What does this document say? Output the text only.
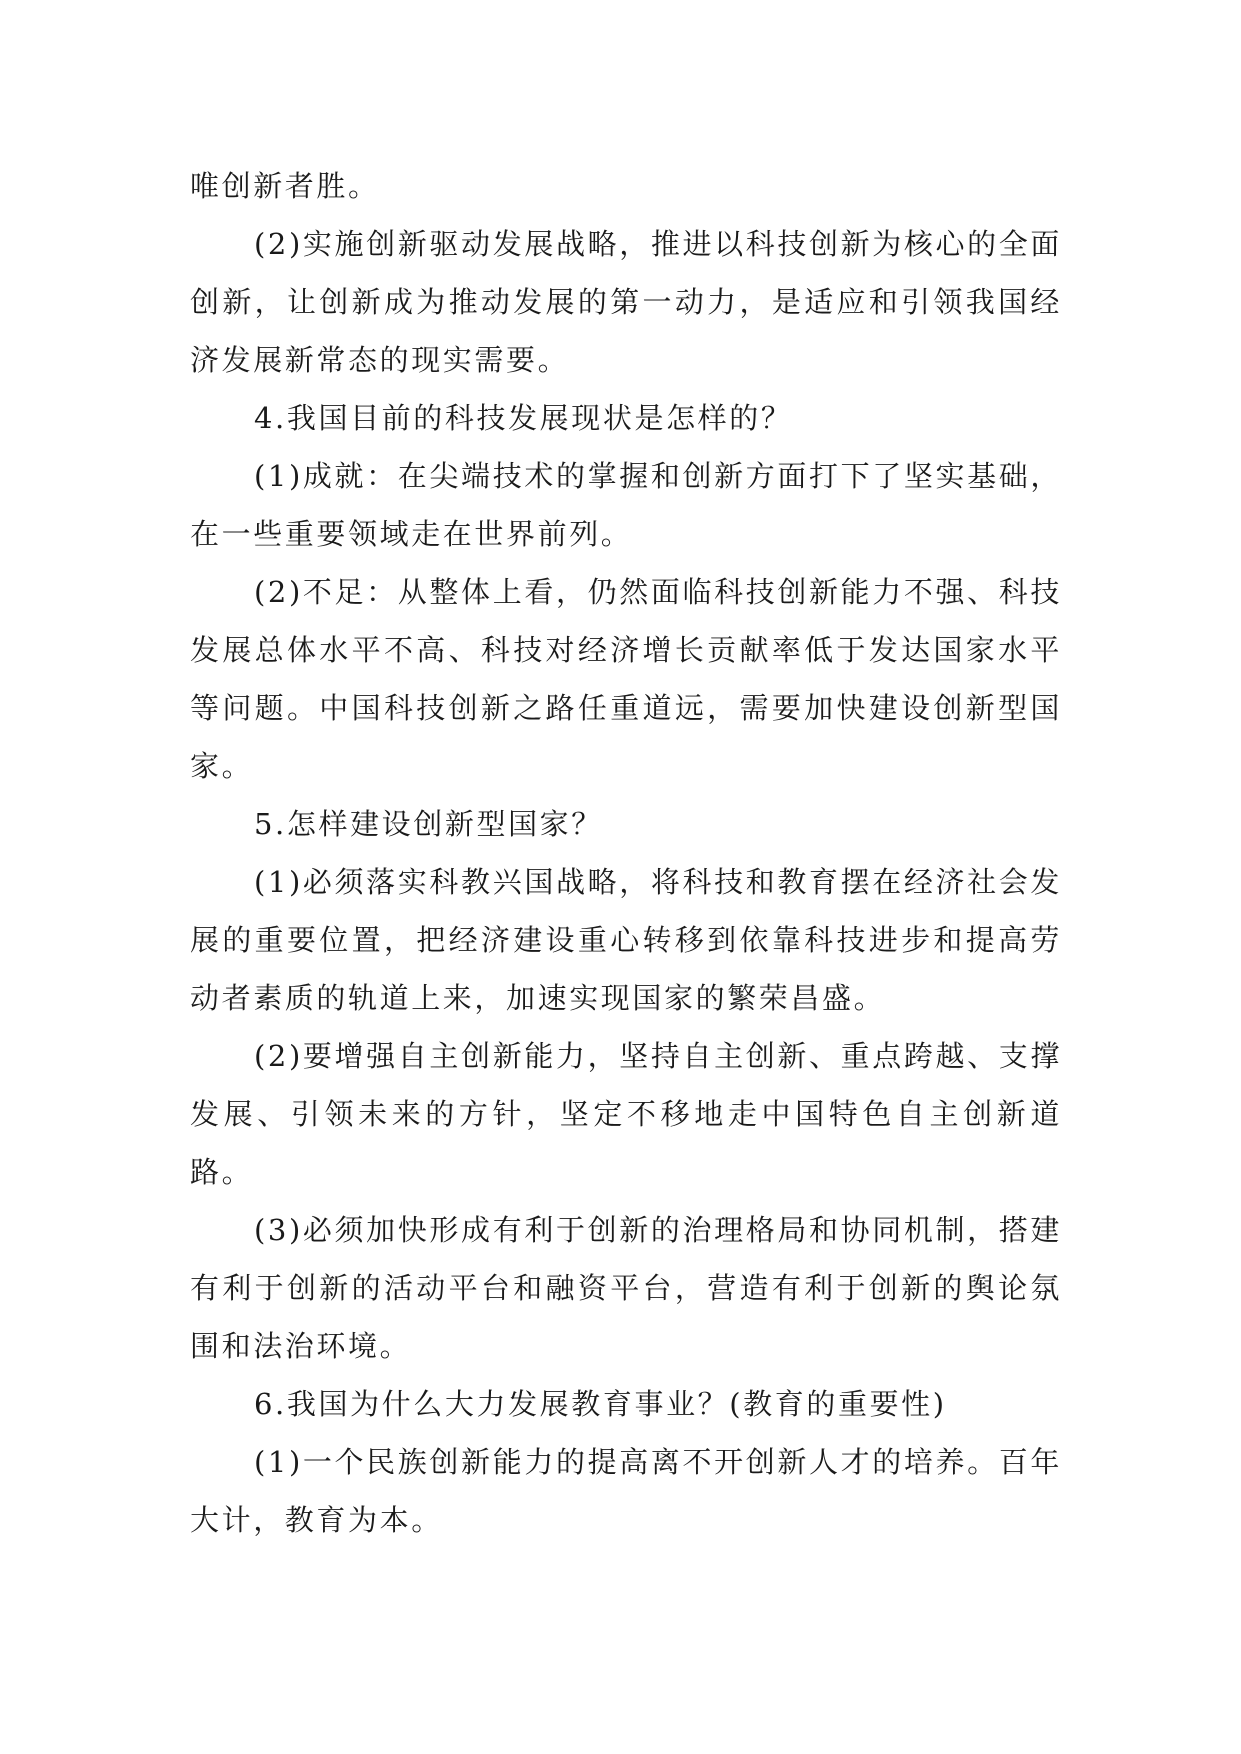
唯创新者胜。

(2)实施创新驱动发展战略，推进以科技创新为核心的全面创新，让创新成为推动发展的第一动力，是适应和引领我国经济发展新常态的现实需要。

4.我国目前的科技发展现状是怎样的？

(1)成就：在尖端技术的掌握和创新方面打下了坚实基础，在一些重要领域走在世界前列。

(2)不足：从整体上看，仍然面临科技创新能力不强、科技发展总体水平不高、科技对经济增长贡献率低于发达国家水平等问题。中国科技创新之路任重道远，需要加快建设创新型国家。

5.怎样建设创新型国家？

(1)必须落实科教兴国战略，将科技和教育摆在经济社会发展的重要位置，把经济建设重心转移到依靠科技进步和提高劳动者素质的轨道上来，加速实现国家的繁荣昌盛。

(2)要增强自主创新能力，坚持自主创新、重点跨越、支撑发展、引领未来的方针，坚定不移地走中国特色自主创新道路。

(3)必须加快形成有利于创新的治理格局和协同机制，搭建有利于创新的活动平台和融资平台，营造有利于创新的舆论氛围和法治环境。

6.我国为什么大力发展教育事业？(教育的重要性)

(1)一个民族创新能力的提高离不开创新人才的培养。百年大计，教育为本。
